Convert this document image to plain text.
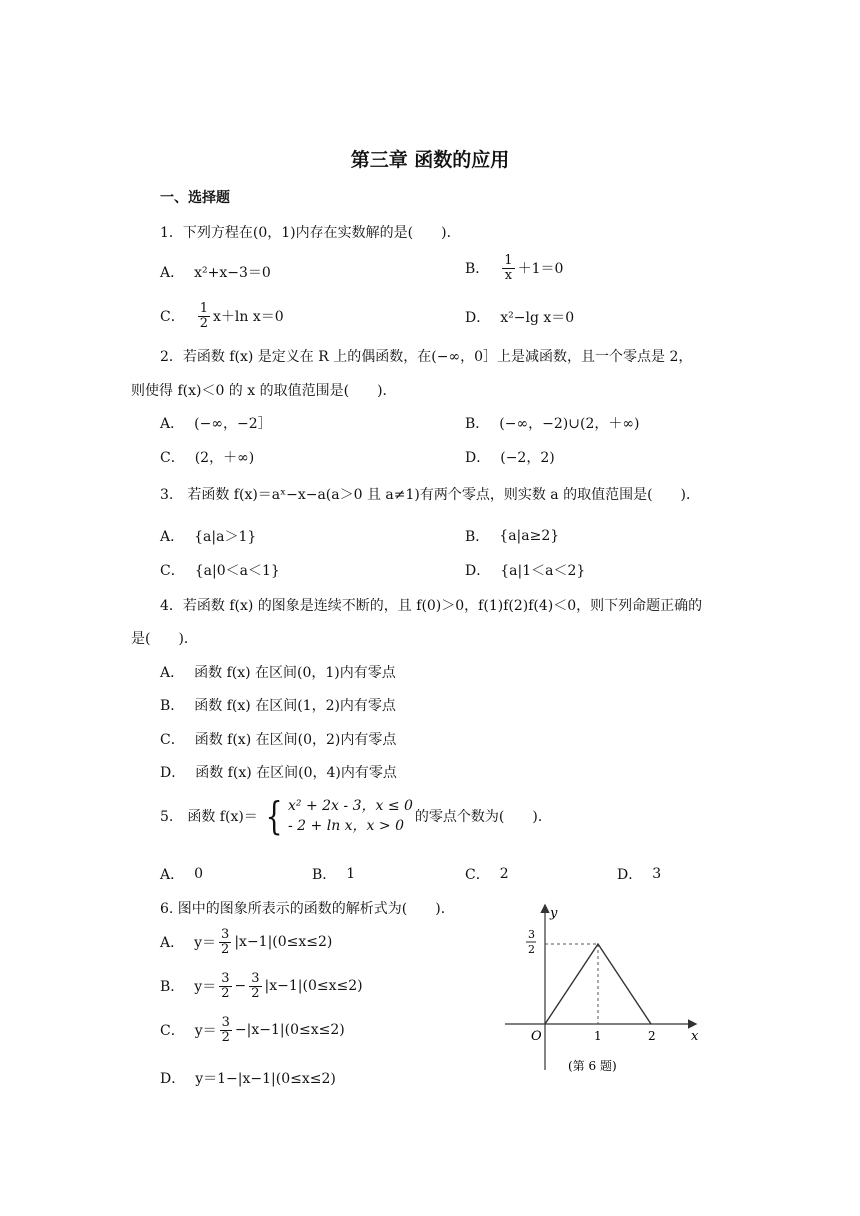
第三章 函数的应用
一、选择题
1．下列方程在(0，1)内存在实数解的是(　　)．
A． x²+x−3＝0	B． $\frac{1}{x} +1=0$
C． $\frac{1}{2} x+\ln$ x＝0	D． x²−lg x＝0
2．若函数 f(x) 是定义在 R 上的偶函数，在(−∞，0］上是减函数，且一个零点是 2，
则使得 f(x)＜0 的 x 的取值范围是(　　)．
A． (−∞，−2］	B． (−∞，−2)∪(2，＋∞)
C． (2，＋∞)	D． (−2，2)
3.　若函数 f(x)＝aˣ−x−a(a＞0 且 a≠1)有两个零点，则实数 a 的取值范围是(　　)．
A． {a|a＞1}	B． {a|a≥2}
C． {a|0＜a＜1}	D． {a|1＜a＜2}
4．若函数 f(x) 的图象是连续不断的，且 f(0)＞0，f(1)f(2)f(4)＜0，则下列命题正确的
是(　　)．
A． 函数 f(x) 在区间(0，1)内有零点
B． 函数 f(x) 在区间(1，2)内有零点
C． 函数 f(x) 在区间(0，2)内有零点
D． 函数 f(x) 在区间(0，4)内有零点
5.　函数 f(x)＝ { x² + 2x - 3，x ≤ 0
- 2 + ln x，x > 0
的零点个数为(　　)．
A． 0	B． 1	C． 2	D． 3
6. 图中的图象所表示的函数的解析式为(　　)．
A． $y= \frac{3}{2} |x-1|(0\le x\le 2)$
B． $y= \frac{3}{2} - \frac{3}{2} |x-1|(0\le x\le 2)$
C． $y= \frac{3}{2} -|x-1|(0\le x\le 2)$
D． y＝1−|x−1|(0≤x≤2)
y
x
O	1	2
3
2
(第 6 题)
